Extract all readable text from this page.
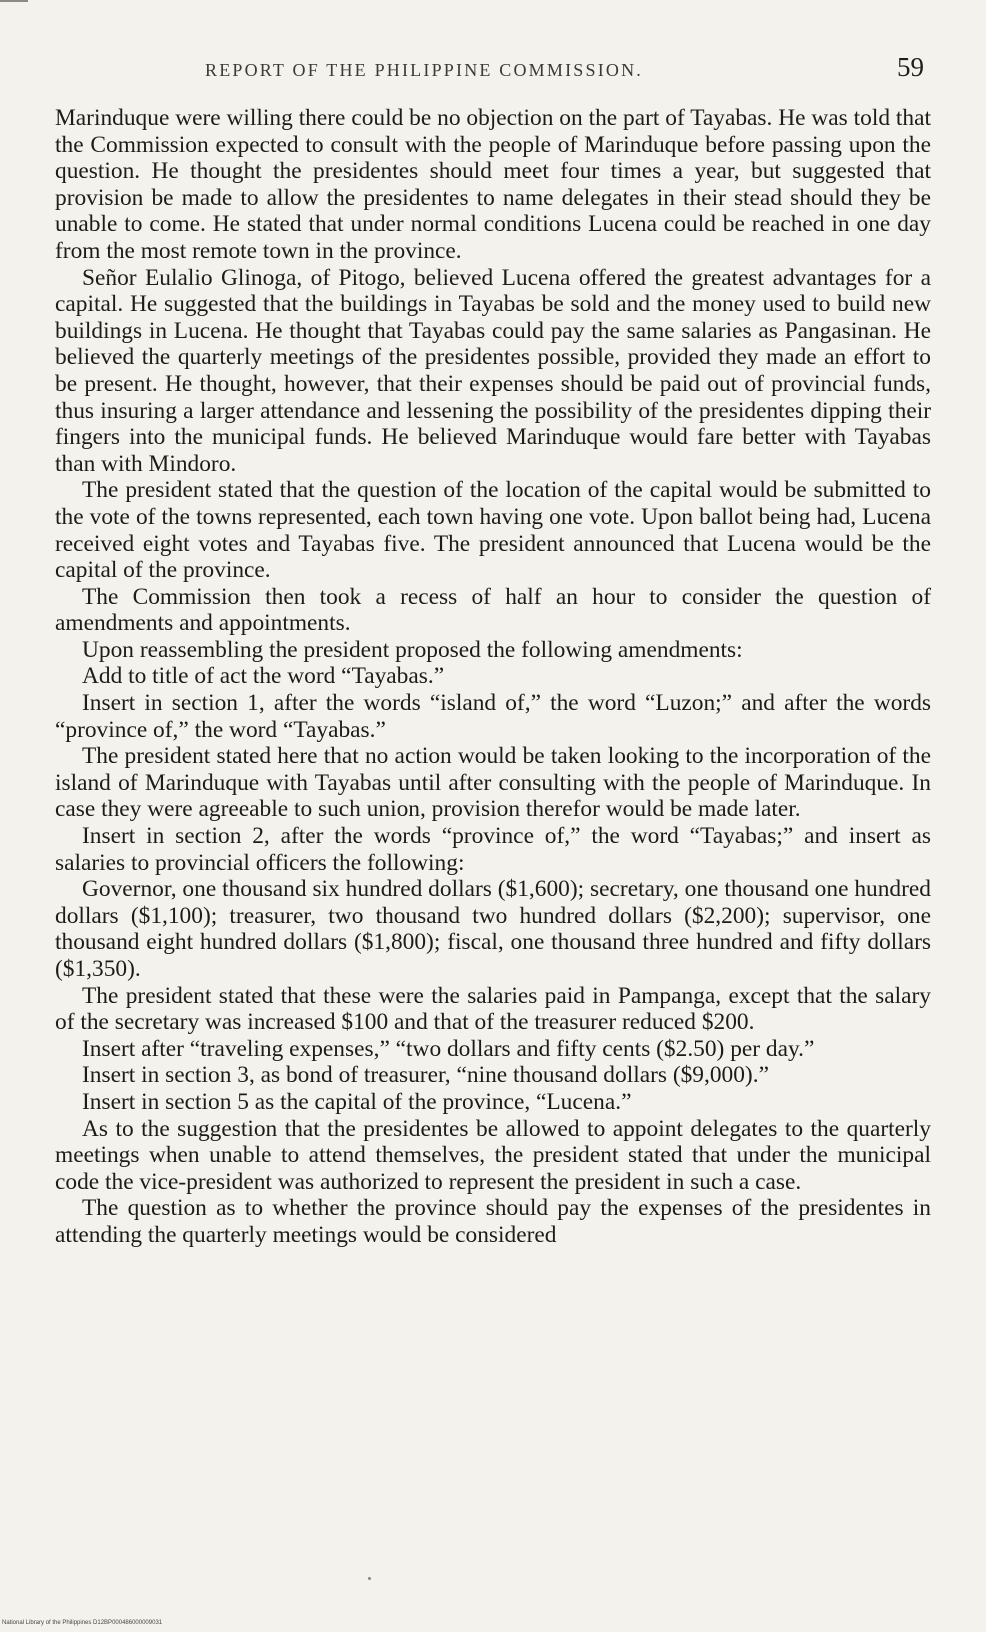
REPORT OF THE PHILIPPINE COMMISSION.	59

Marinduque were willing there could be no objection on the part of Tayabas. He was told that the Commission expected to consult with the people of Marinduque before passing upon the question. He thought the presidentes should meet four times a year, but suggested that provision be made to allow the presidentes to name delegates in their stead should they be unable to come. He stated that under normal conditions Lucena could be reached in one day from the most remote town in the province.

Señor Eulalio Glinoga, of Pitogo, believed Lucena offered the greatest advantages for a capital. He suggested that the buildings in Tayabas be sold and the money used to build new buildings in Lucena. He thought that Tayabas could pay the same salaries as Pangasinan. He believed the quarterly meetings of the presidentes possible, provided they made an effort to be present. He thought, however, that their expenses should be paid out of provincial funds, thus insuring a larger attendance and lessening the possibility of the presidentes dipping their fingers into the municipal funds. He believed Marinduque would fare better with Tayabas than with Mindoro.

The president stated that the question of the location of the capital would be submitted to the vote of the towns represented, each town having one vote. Upon ballot being had, Lucena received eight votes and Tayabas five. The president announced that Lucena would be the capital of the province.

The Commission then took a recess of half an hour to consider the question of amendments and appointments.

Upon reassembling the president proposed the following amendments:

Add to title of act the word “Tayabas.”

Insert in section 1, after the words “island of,” the word “Luzon;” and after the words “province of,” the word “Tayabas.”

The president stated here that no action would be taken looking to the incorporation of the island of Marinduque with Tayabas until after consulting with the people of Marinduque. In case they were agreeable to such union, provision therefor would be made later.

Insert in section 2, after the words “province of,” the word “Tayabas;” and insert as salaries to provincial officers the following:

Governor, one thousand six hundred dollars ($1,600); secretary, one thousand one hundred dollars ($1,100); treasurer, two thousand two hundred dollars ($2,200); supervisor, one thousand eight hundred dollars ($1,800); fiscal, one thousand three hundred and fifty dollars ($1,350).

The president stated that these were the salaries paid in Pampanga, except that the salary of the secretary was increased $100 and that of the treasurer reduced $200.

Insert after “traveling expenses,” “two dollars and fifty cents ($2.50) per day.”

Insert in section 3, as bond of treasurer, “nine thousand dollars ($9,000).”

Insert in section 5 as the capital of the province, “Lucena.”

As to the suggestion that the presidentes be allowed to appoint delegates to the quarterly meetings when unable to attend themselves, the president stated that under the municipal code the vice-president was authorized to represent the president in such a case.

The question as to whether the province should pay the expenses of the presidentes in attending the quarterly meetings would be considered

National Library of the Philippines D12BP000486000009031
